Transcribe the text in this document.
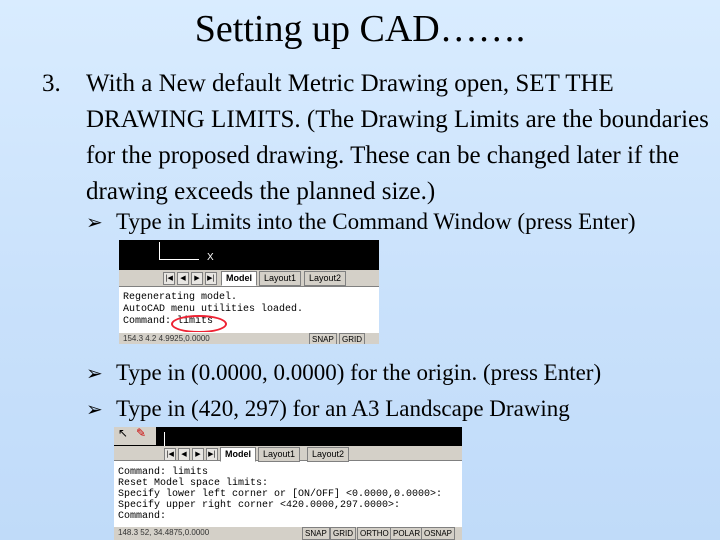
Setting up CAD…….
3. With a New default Metric Drawing open, SET THE DRAWING LIMITS. (The Drawing Limits are the boundaries for the proposed drawing. These can be changed later if the drawing exceeds the planned size.)
➢ Type in Limits into the Command Window (press Enter)
X
|◀	◀	▶	▶|	Model	Layout1	Layout2
Regenerating model.
AutoCAD menu utilities loaded.
Command: limits
154.3 4.2 4.9925,0.0000	SNAP	GRID
➢ Type in (0.0000, 0.0000) for the origin. (press Enter)
➢ Type in (420, 297) for an A3 Landscape Drawing
↖ ✎
|◀	◀	▶	▶|	Model	Layout1	Layout2
Command: limits
Reset Model space limits:
Specify lower left corner or [ON/OFF] <0.0000,0.0000>:
Specify upper right corner <420.0000,297.0000>:
Command:
148.3 52, 34.4875,0.0000	SNAP GRID ORTHO POLAR OSNAP
